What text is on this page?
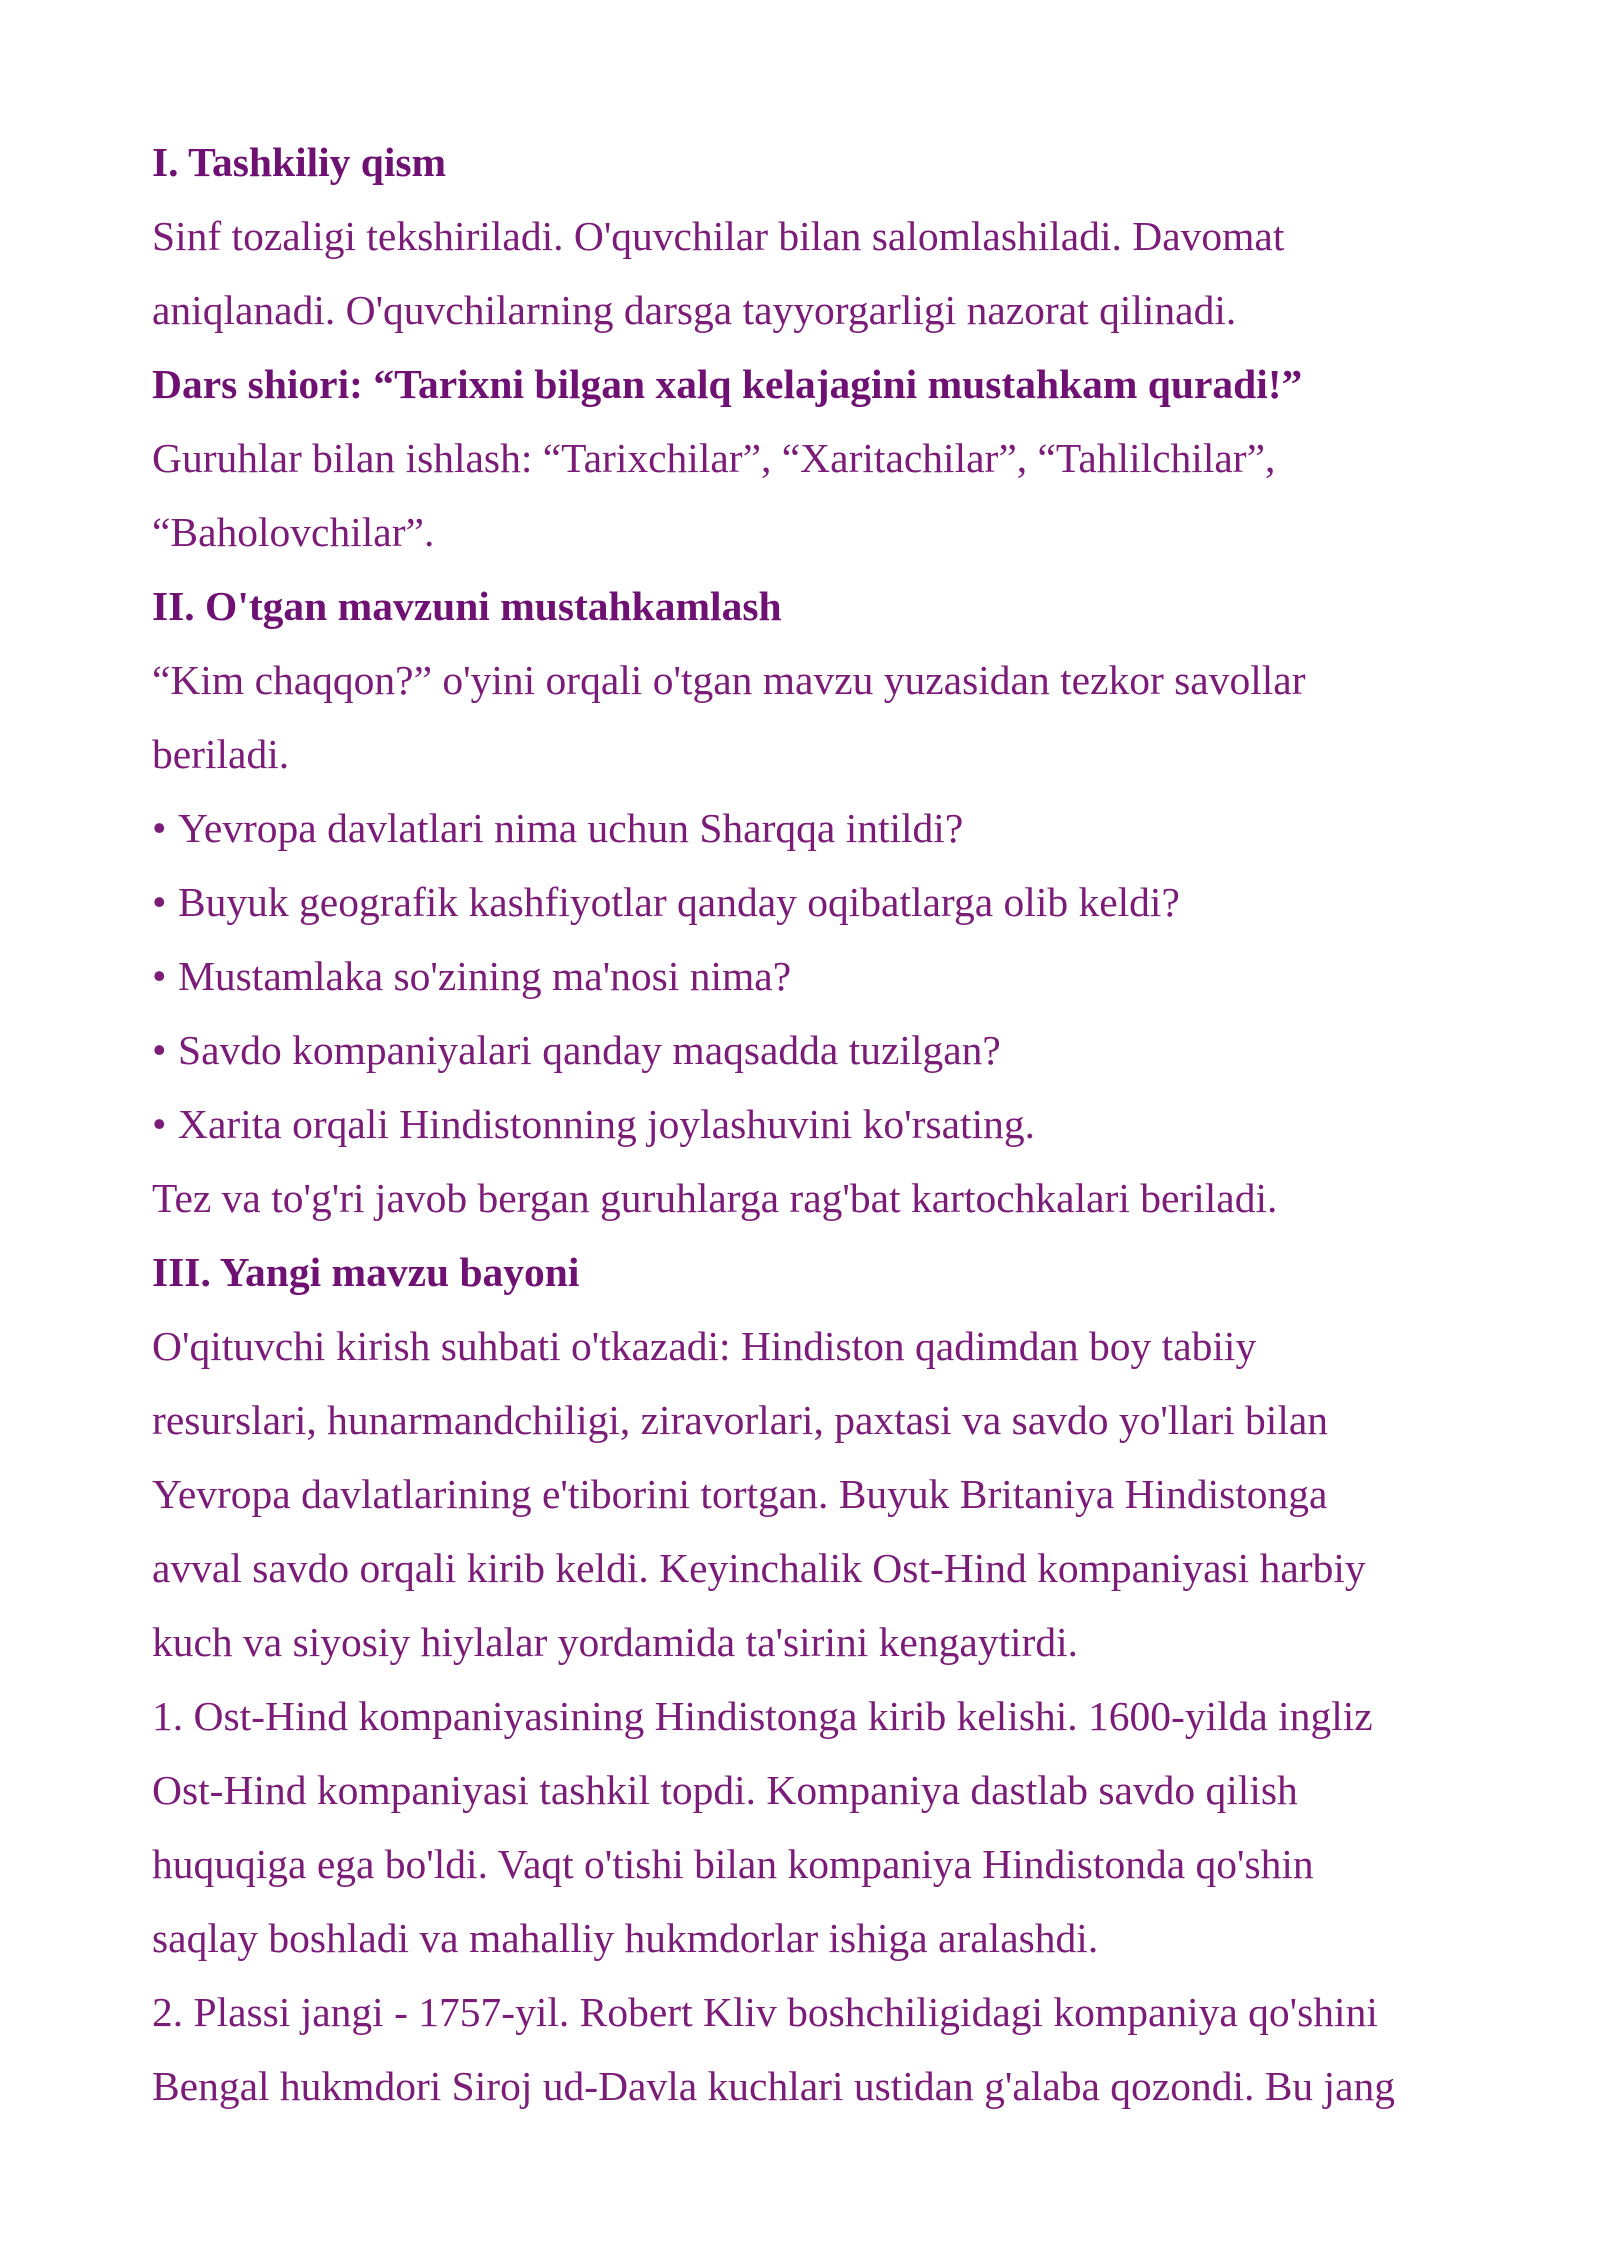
I. Tashkiliy qism
Sinf tozaligi tekshiriladi. O'quvchilar bilan salomlashiladi. Davomat
aniqlanadi. O'quvchilarning darsga tayyorgarligi nazorat qilinadi.
Dars shiori: “Tarixni bilgan xalq kelajagini mustahkam quradi!”
Guruhlar bilan ishlash: “Tarixchilar”, “Xaritachilar”, “Tahlilchilar”,
“Baholovchilar”.
II. O'tgan mavzuni mustahkamlash
“Kim chaqqon?” o'yini orqali o'tgan mavzu yuzasidan tezkor savollar
beriladi.
• Yevropa davlatlari nima uchun Sharqqa intildi?
• Buyuk geografik kashfiyotlar qanday oqibatlarga olib keldi?
• Mustamlaka so'zining ma'nosi nima?
• Savdo kompaniyalari qanday maqsadda tuzilgan?
• Xarita orqali Hindistonning joylashuvini ko'rsating.
Tez va to'g'ri javob bergan guruhlarga rag'bat kartochkalari beriladi.
III. Yangi mavzu bayoni
O'qituvchi kirish suhbati o'tkazadi: Hindiston qadimdan boy tabiiy
resurslari, hunarmandchiligi, ziravorlari, paxtasi va savdo yo'llari bilan
Yevropa davlatlarining e'tiborini tortgan. Buyuk Britaniya Hindistonga
avval savdo orqali kirib keldi. Keyinchalik Ost-Hind kompaniyasi harbiy
kuch va siyosiy hiylalar yordamida ta'sirini kengaytirdi.
1. Ost-Hind kompaniyasining Hindistonga kirib kelishi. 1600-yilda ingliz
Ost-Hind kompaniyasi tashkil topdi. Kompaniya dastlab savdo qilish
huquqiga ega bo'ldi. Vaqt o'tishi bilan kompaniya Hindistonda qo'shin
saqlay boshladi va mahalliy hukmdorlar ishiga aralashdi.
2. Plassi jangi - 1757-yil. Robert Kliv boshchiligidagi kompaniya qo'shini
Bengal hukmdori Siroj ud-Davla kuchlari ustidan g'alaba qozondi. Bu jang
